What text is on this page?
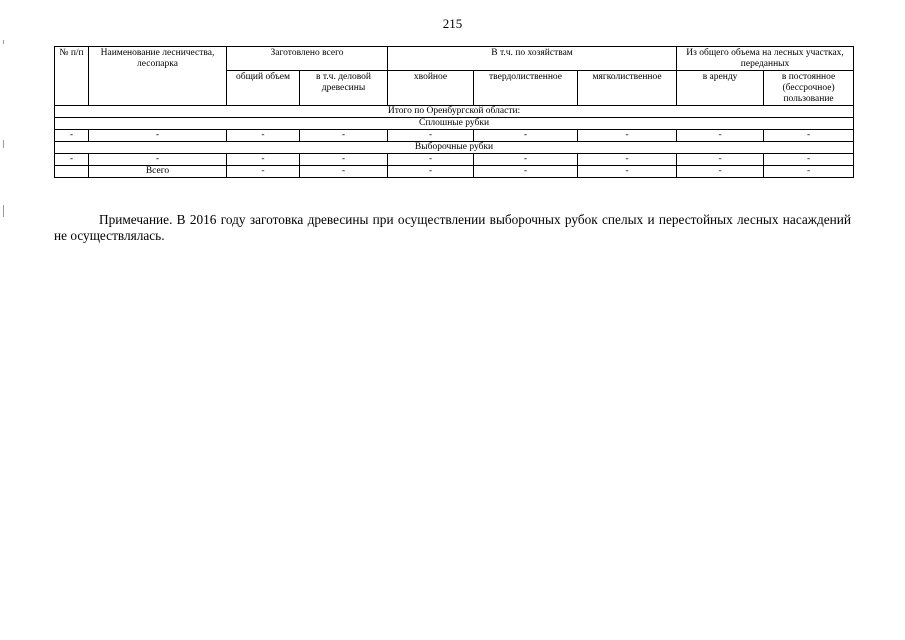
215
№ п/п	Наименование лесничества, лесопарка	Заготовлено всего		В т.ч. по хозяйствам			Из общего объема на лесных участках, переданных	
		общий объем	в т.ч. деловой древесины	хвойное	твердолиственное	мягколиственное	в аренду	в постоянное (бессрочное) пользование
Итого по Оренбургской области:								
Сплошные рубки								
-	-	-	-	-	-	-	-	-
Выборочные рубки								
-	-	-	-	-	-	-	-	-
	Всего	-	-	-	-	-	-	-

Примечание. В 2016 году заготовка древесины при осуществлении выборочных рубок спелых и перестойных лесных насаждений не осуществлялась.
